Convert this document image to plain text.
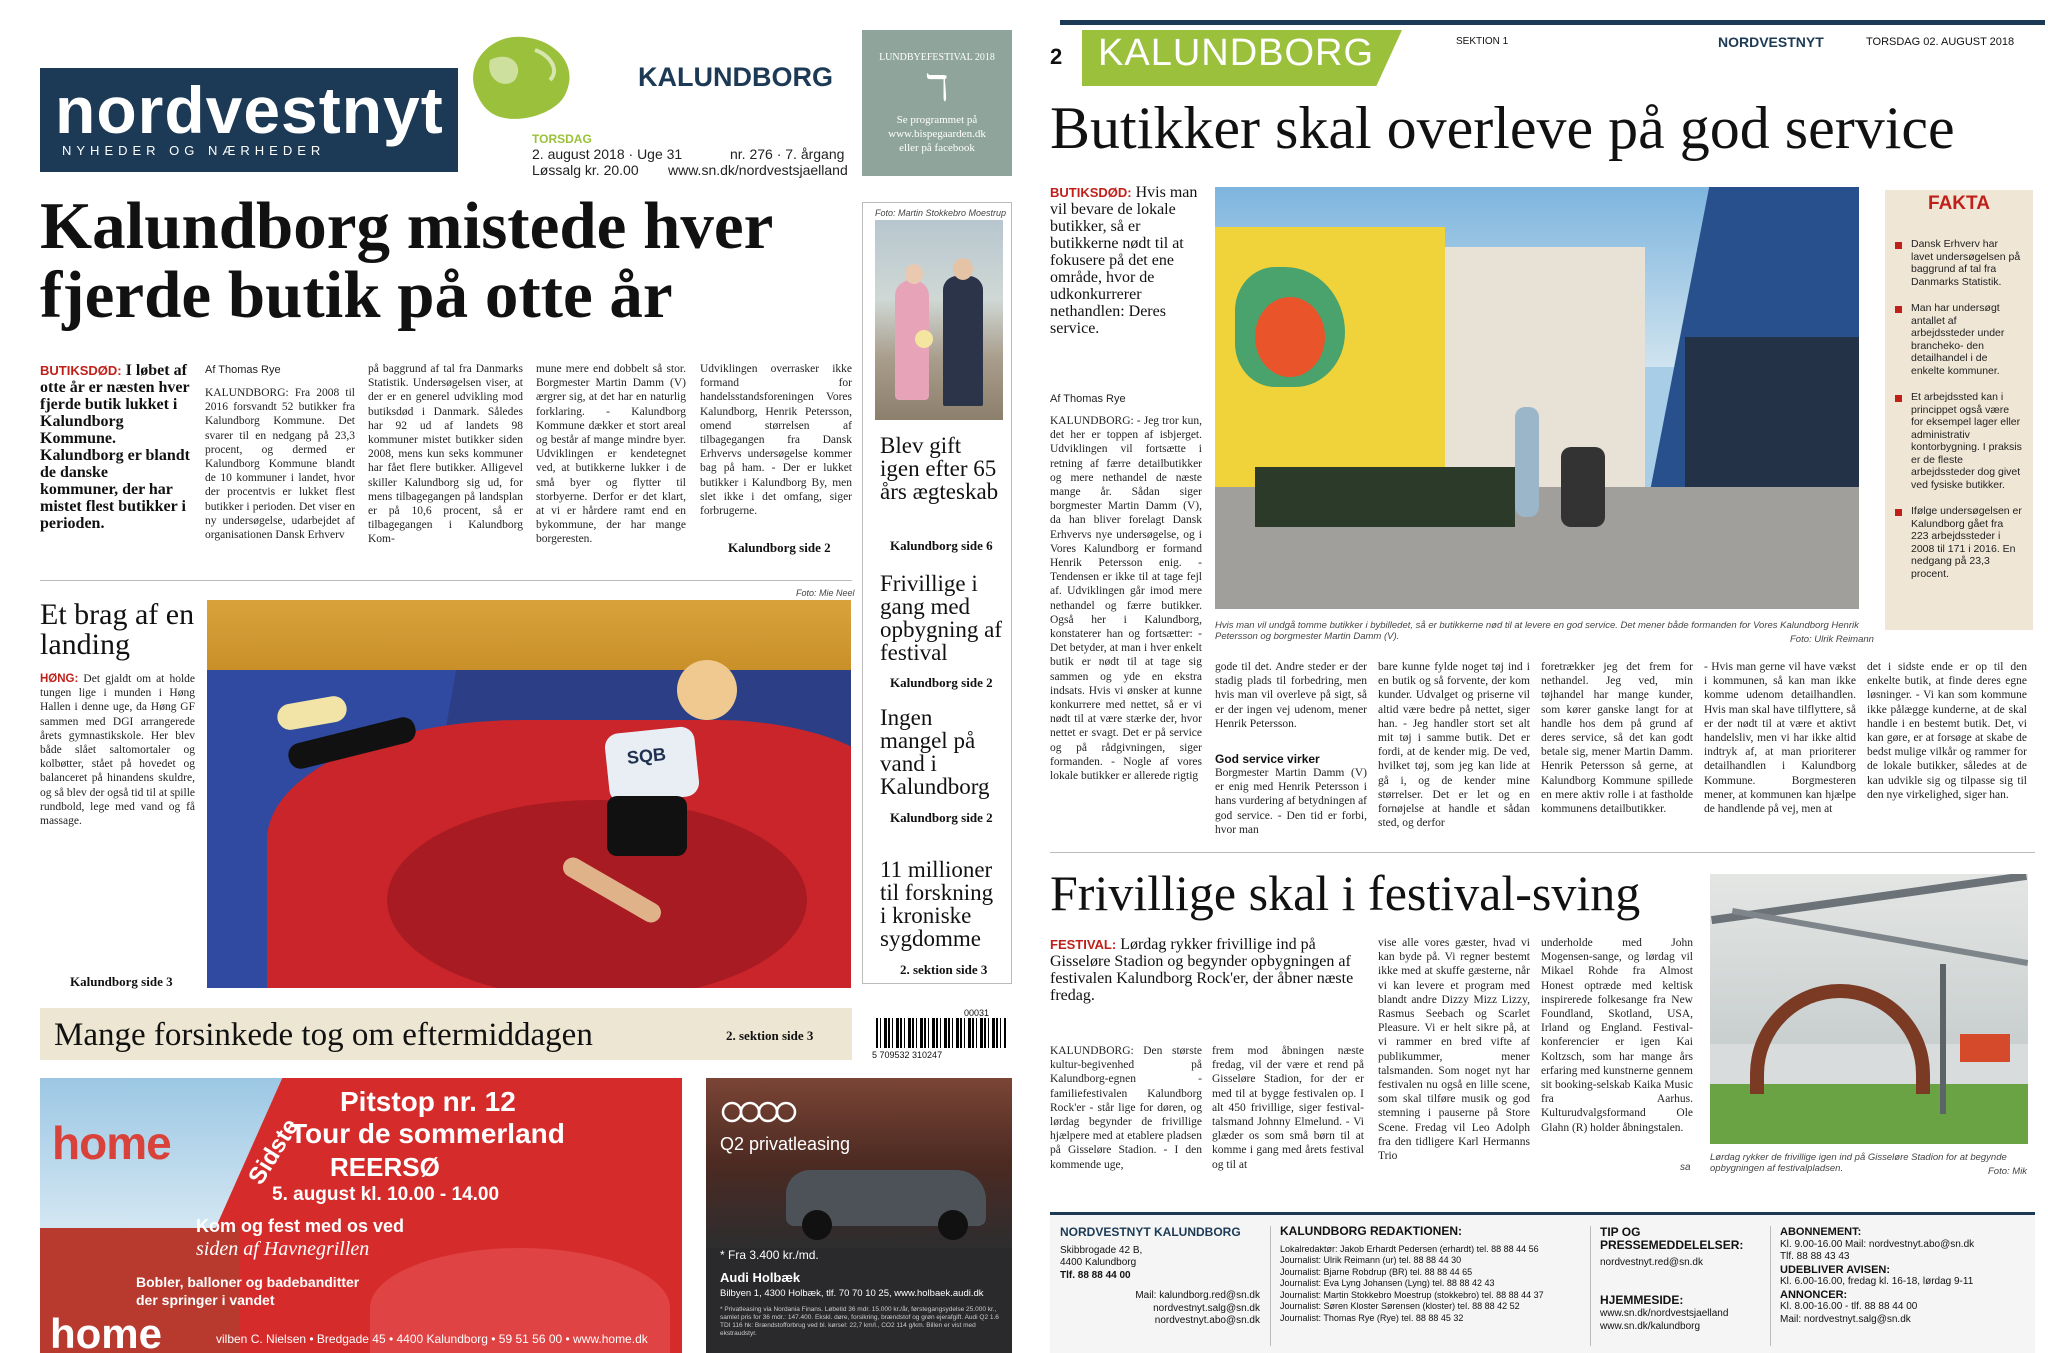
nordvestnyt
NYHEDER OG NÆRHEDER
KALUNDBORG
TORSDAG
2. august 2018 · Uge 31	nr. 276 · 7. årgang
Løssalg kr. 20.00 www.sn.dk/nordvestsjaelland
LUNDBYEFESTIVAL 2018
ℸ
Se programmet på www.bispegaarden.dk eller på facebook
Kalundborg mistede hver fjerde butik på otte år
BUTIKSDØD: I løbet af otte år er næsten hver fjerde butik lukket i Kalundborg Kommune. Kalundborg er blandt de danske kommuner, der har mistet flest butikker i perioden.
Af Thomas Rye
KALUNDBORG: Fra 2008 til 2016 forsvandt 52 butikker fra Kalundborg Kommune. Det svarer til en nedgang på 23,3 procent, og dermed er Kalundborg Kommune blandt de 10 kommuner i landet, hvor der procentvis er lukket flest butikker i perioden. Det viser en ny undersøgelse, udarbejdet af organisationen Dansk Erhverv
på baggrund af tal fra Danmarks Statistik. Undersøgelsen viser, at der er en generel udvikling mod butiksdød i Danmark. Således har 92 ud af landets 98 kommuner mistet butikker siden 2008, mens kun seks kommuner har fået flere butikker. Alligevel skiller Kalundborg sig ud, for mens tilbagegangen på landsplan er på 10,6 procent, så er tilbagegangen i Kalundborg Kom-
mune mere end dobbelt så stor. Borgmester Martin Damm (V) ærgrer sig, at det har en naturlig forklaring. - Kalundborg Kommune dækker et stort areal og består af mange mindre byer. Udviklingen er kendetegnet ved, at butikkerne lukker i de små byer og flytter til storbyerne. Derfor er det klart, at vi er hårdere ramt end en bykommune, der har mange borgeresten.
Udviklingen overrasker ikke formand for handelsstandsforeningen Vores Kalundborg, Henrik Petersson, omend størrelsen af tilbagegangen fra Dansk Erhvervs undersøgelse kommer bag på ham. - Der er lukket butikker i Kalundborg By, men slet ikke i det omfang, siger forbrugerne.
Kalundborg side 2
Foto: Martin Stokkebro Moestrup
Blev gift igen efter 65 års ægteskab
Kalundborg side 6
Frivillige i gang med opbygning af festival
Kalundborg side 2
Ingen mangel på vand i Kalundborg
Kalundborg side 2
11 millioner til forskning i kroniske sygdomme
2. sektion side 3
Et brag af en landing
HØNG: Det gjaldt om at holde tungen lige i munden i Høng Hallen i denne uge, da Høng GF sammen med DGI arrangerede årets gymnastikskole. Her blev både slået saltomortaler og kolbøtter, stået på hovedet og balanceret på hinandens skuldre, og så blev der også tid til at spille rundbold, lege med vand og få massage.
Kalundborg side 3
Foto: Mie Neel
SQB
Mange forsinkede tog om eftermiddagen	2. sektion side 3
00031
5 709532 310247
home	Sidste
Pitstop nr. 12
Tour de sommerland
REERSØ
5. august kl. 10.00 - 14.00
Kom og fest med os ved
siden af Havnegrillen
Bobler, balloner og badebanditter
der springer i vandet
home	vilben C. Nielsen • Bredgade 45 • 4400 Kalundborg • 59 51 56 00 • www.home.dk
Q2 privatleasing
* Fra 3.400 kr./md.
Audi Holbæk
Bilbyen 1, 4300 Holbæk, tlf. 70 70 10 25, www.holbaek.audi.dk
* Privatleasing via Nordania Finans. Løbetid 36 mdr. 15.000 kr./år, førstegangsydelse 25.000 kr., samlet pris for 36 mdr.: 147.400. Ekskl. døre, forsikring, brændstof og grøn ejerafgift. Audi Q2 1.6 TDI 116 hk: Brændstofforbrug ved bl. kørsel: 22,7 km/l., CO2 114 g/km. Billen er vist med ekstraudstyr.
2 KALUNDBORG	SEKTION 1	NORDVESTNYT	TORSDAG 02. AUGUST 2018
Butikker skal overleve på god service
BUTIKSDØD: Hvis man vil bevare de lokale butikker, så er butikkerne nødt til at fokusere på det ene område, hvor de udkonkurrerer nethandlen: Deres service.
Af Thomas Rye
KALUNDBORG: - Jeg tror kun, det her er toppen af isbjerget. Udviklingen vil fortsætte i retning af færre detailbutikker og mere nethandel de næste mange år. Sådan siger borgmester Martin Damm (V), da han bliver forelagt Dansk Erhvervs nye undersøgelse, og i Vores Kalundborg er formand Henrik Petersson enig. - Tendensen er ikke til at tage fejl af. Udviklingen går imod mere nethandel og færre butikker. Også her i Kalundborg, konstaterer han og fortsætter: - Det betyder, at man i hver enkelt butik er nødt til at tage sig sammen og yde en ekstra indsats. Hvis vi ønsker at kunne konkurrere med nettet, så er vi nødt til at være stærke der, hvor nettet er svagt. Det er på service og på rådgivningen, siger formanden. - Nogle af vores lokale butikker er allerede rigtig
Hvis man vil undgå tomme butikker i bybilledet, så er butikkerne nød til at levere en god service. Det mener både formanden for Vores Kalundborg Henrik Petersson og borgmester Martin Damm (V).	Foto: Ulrik Reimann
FAKTA
Dansk Erhverv har lavet undersøgelsen på baggrund af tal fra Danmarks Statistik.
Man har undersøgt antallet af arbejdssteder under brancheko- den detailhandel i de enkelte kommuner.
Et arbejdssted kan i princippet også være for eksempel lager eller administrativ kontorbygning. I praksis er de fleste arbejdssteder dog givet ved fysiske butikker.
Ifølge undersøgelsen er Kalundborg gået fra 223 arbejdssteder i 2008 til 171 i 2016. En nedgang på 23,3 procent.
gode til det. Andre steder er der stadig plads til forbedring, men hvis man vil overleve på sigt, så er der ingen vej udenom, mener Henrik Petersson.
God service virker
Borgmester Martin Damm (V) er enig med Henrik Petersson i hans vurdering af betydningen af god service. - Den tid er forbi, hvor man
bare kunne fylde noget tøj ind i en butik og så forvente, der kom kunder. Udvalget og priserne vil altid være bedre på nettet, siger han. - Jeg handler stort set alt mit tøj i samme butik. Det er fordi, at de kender mig. De ved, hvilket tøj, som jeg kan lide at gå i, og de kender mine størrelser. Det er let og en fornøjelse at handle et sådan sted, og derfor
foretrækker jeg det frem for nethandel. Jeg ved, min tøjhandel har mange kunder, som kører ganske langt for at handle hos dem på grund af deres service, så det kan godt betale sig, mener Martin Damm. Henrik Petersson så gerne, at Kalundborg Kommune spillede en mere aktiv rolle i at fastholde kommunens detailbutikker.
- Hvis man gerne vil have vækst i kommunen, så kan man ikke komme udenom detailhandlen. Hvis man skal have tilflyttere, så er der nødt til at være et aktivt handelsliv, men vi har ikke altid indtryk af, at man prioriterer detailhandlen i Kalundborg Kommune. Borgmesteren mener, at kommunen kan hjælpe de handlende på vej, men at
det i sidste ende er op til den enkelte butik, at finde deres egne løsninger. - Vi kan som kommune ikke pålægge kunderne, at de skal handle i en bestemt butik. Det, vi kan gøre, er at forsøge at skabe de bedst mulige vilkår og rammer for de lokale butikker, således at de kan udvikle sig og tilpasse sig til den nye virkelighed, siger han.
Frivillige skal i festival-sving
FESTIVAL: Lørdag rykker frivillige ind på Gisseløre Stadion og begynder opbygningen af festivalen Kalundborg Rock'er, der åbner næste fredag.
KALUNDBORG: Den største kultur-begivenhed på Kalundborg-egnen - familiefestivalen Kalundborg Rock'er - står lige for døren, og lørdag begynder de frivillige hjælpere med at etablere pladsen på Gisseløre Stadion. - I den kommende uge,
frem mod åbningen næste fredag, vil der være et rend på Gisseløre Stadion, for der er med til at bygge festivalen op. I alt 450 frivillige, siger festival-talsmand Johnny Elmelund. - Vi glæder os som små børn til at komme i gang med årets festival og til at
vise alle vores gæster, hvad vi kan byde på. Vi regner bestemt ikke med at skuffe gæsterne, når vi kan levere et program med blandt andre Dizzy Mizz Lizzy, Rasmus Seebach og Scarlet Pleasure. Vi er helt sikre på, at vi rammer en bred vifte af publikummer, mener talsmanden. Som noget nyt har festivalen nu også en lille scene, som skal tilføre musik og god stemning i pauserne på Store Scene. Fredag vil Leo Adolph fra den tidligere Karl Hermanns Trio
underholde med John Mogensen-sange, og lørdag vil Mikael Rohde fra Almost Honest optræde med keltisk inspirerede folkesange fra New Foundland, Skotland, USA, Irland og England. Festival-konferencier er igen Kai Koltzsch, som har mange års erfaring med kunstnerne gennem sit booking-selskab Kaika Music fra Aarhus. Kulturudvalgsformand Ole Glahn (R) holder åbningstalen.
sa
Lørdag rykker de frivillige igen ind på Gisseløre Stadion for at begynde opbygningen af festivalpladsen.	Foto: Mik
NORDVESTNYT KALUNDBORG
Skibbrogade 42 B,
4400 Kalundborg
Tlf. 88 88 44 00
Mail: kalundborg.red@sn.dk
nordvestnyt.salg@sn.dk
nordvestnyt.abo@sn.dk
KALUNDBORG REDAKTIONEN:
Lokalredaktør: Jakob Erhardt Pedersen (erhardt) tel. 88 88 44 56
Journalist: Ulrik Reimann (ur) tel. 88 88 44 30
Journalist: Bjarne Robdrup (BR) tel. 88 88 44 65
Journalist: Eva Lyng Johansen (Lyng) tel. 88 88 42 43
Journalist: Martin Stokkebro Moestrup (stokkebro) tel. 88 88 44 37
Journalist: Søren Kloster Sørensen (kloster) tel. 88 88 42 52
Journalist: Thomas Rye (Rye) tel. 88 88 45 32
TIP OG PRESSEMEDDELELSER:
nordvestnyt.red@sn.dk
HJEMMESIDE:
www.sn.dk/nordvestsjaelland
www.sn.dk/kalundborg
ABONNEMENT:
Kl. 9.00-16.00 Mail: nordvestnyt.abo@sn.dk
Tlf. 88 88 43 43
UDEBLIVER AVISEN:
Kl. 6.00-16.00, fredag kl. 16-18, lørdag 9-11
ANNONCER:
Kl. 8.00-16.00 - tlf. 88 88 44 00
Mail: nordvestnyt.salg@sn.dk
